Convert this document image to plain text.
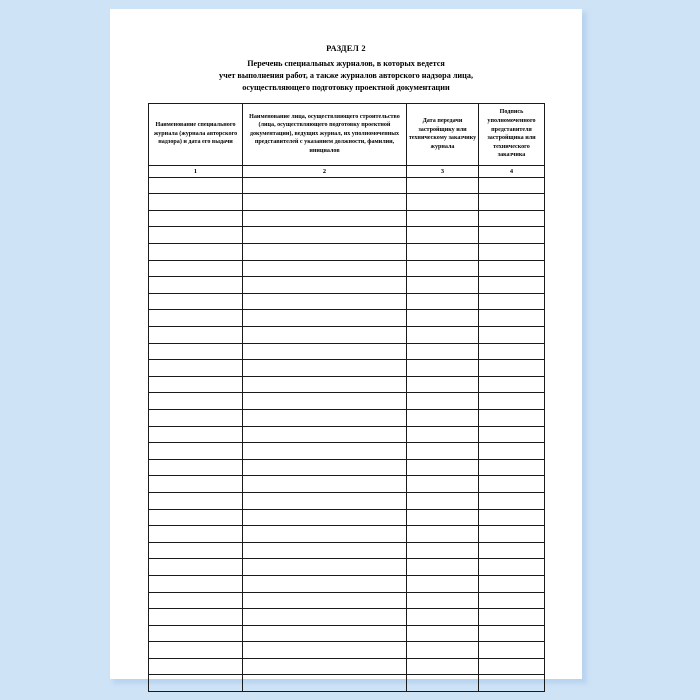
РАЗДЕЛ 2
Перечень специальных журналов, в которых ведется
учет выполнения работ, а также журналов авторского надзора лица,
осуществляющего подготовку проектной документации
Наименование специального журнала (журнала авторского надзора) и дата его выдачи	Наименование лица, осуществляющего строительство (лица, осуществляющего подготовку проектной документации), ведущих журнал, их уполномоченных представителей с указанием должности, фамилии, инициалов	Дата передачи застройщику или техническому заказчику журнала	Подпись уполномоченного представителя застройщика или технического заказчика
1	2	3	4
